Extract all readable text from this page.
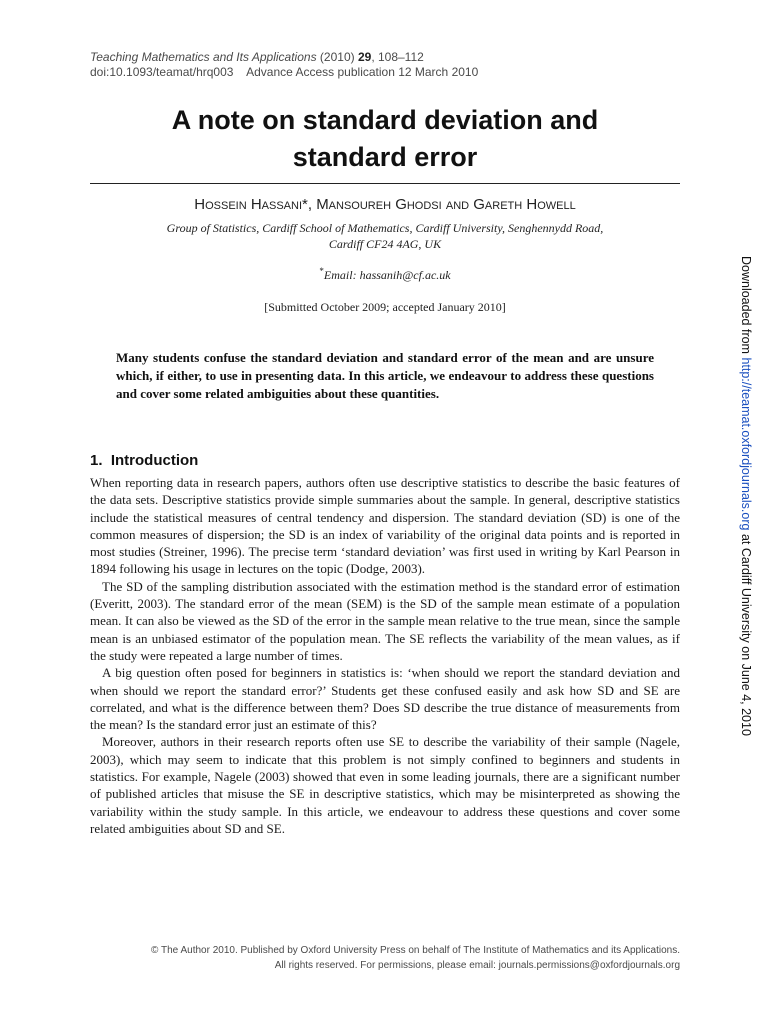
Teaching Mathematics and Its Applications (2010) 29, 108–112
doi:10.1093/teamat/hrq003    Advance Access publication 12 March 2010
A note on standard deviation and
standard error
Hossein Hassani*, Mansoureh Ghodsi and Gareth Howell
Group of Statistics, Cardiff School of Mathematics, Cardiff University, Senghennydd Road,
Cardiff CF24 4AG, UK
*Email: hassanih@cf.ac.uk
[Submitted October 2009; accepted January 2010]
Many students confuse the standard deviation and standard error of the mean and are unsure which, if either, to use in presenting data. In this article, we endeavour to address these questions and cover some related ambiguities about these quantities.
1.  Introduction

When reporting data in research papers, authors often use descriptive statistics to describe the basic features of the data sets. Descriptive statistics provide simple summaries about the sample. In general, descriptive statistics include the statistical measures of central tendency and dispersion. The standard deviation (SD) is one of the common measures of dispersion; the SD is an index of variability of the original data points and is reported in most studies (Streiner, 1996). The precise term ‘standard deviation’ was first used in writing by Karl Pearson in 1894 following his usage in lectures on the topic (Dodge, 2003).

The SD of the sampling distribution associated with the estimation method is the standard error of estimation (Everitt, 2003). The standard error of the mean (SEM) is the SD of the sample mean estimate of a population mean. It can also be viewed as the SD of the error in the sample mean relative to the true mean, since the sample mean is an unbiased estimator of the population mean. The SE reflects the variability of the mean values, as if the study were repeated a large number of times.

A big question often posed for beginners in statistics is: ‘when should we report the standard deviation and when should we report the standard error?’ Students get these confused easily and ask how SD and SE are correlated, and what is the difference between them? Does SD describe the true distance of measurements from the mean? Is the standard error just an estimate of this?

Moreover, authors in their research reports often use SE to describe the variability of their sample (Nagele, 2003), which may seem to indicate that this problem is not simply confined to beginners and students in statistics. For example, Nagele (2003) showed that even in some leading journals, there are a significant number of published articles that misuse the SE in descriptive statistics, which may be misinterpreted as showing the variability within the study sample. In this article, we endeavour to address these questions and cover some related ambiguities about SD and SE.

© The Author 2010. Published by Oxford University Press on behalf of The Institute of Mathematics and its Applications.
All rights reserved. For permissions, please email: journals.permissions@oxfordjournals.org
Downloaded from http://teamat.oxfordjournals.org at Cardiff University on June 4, 2010
